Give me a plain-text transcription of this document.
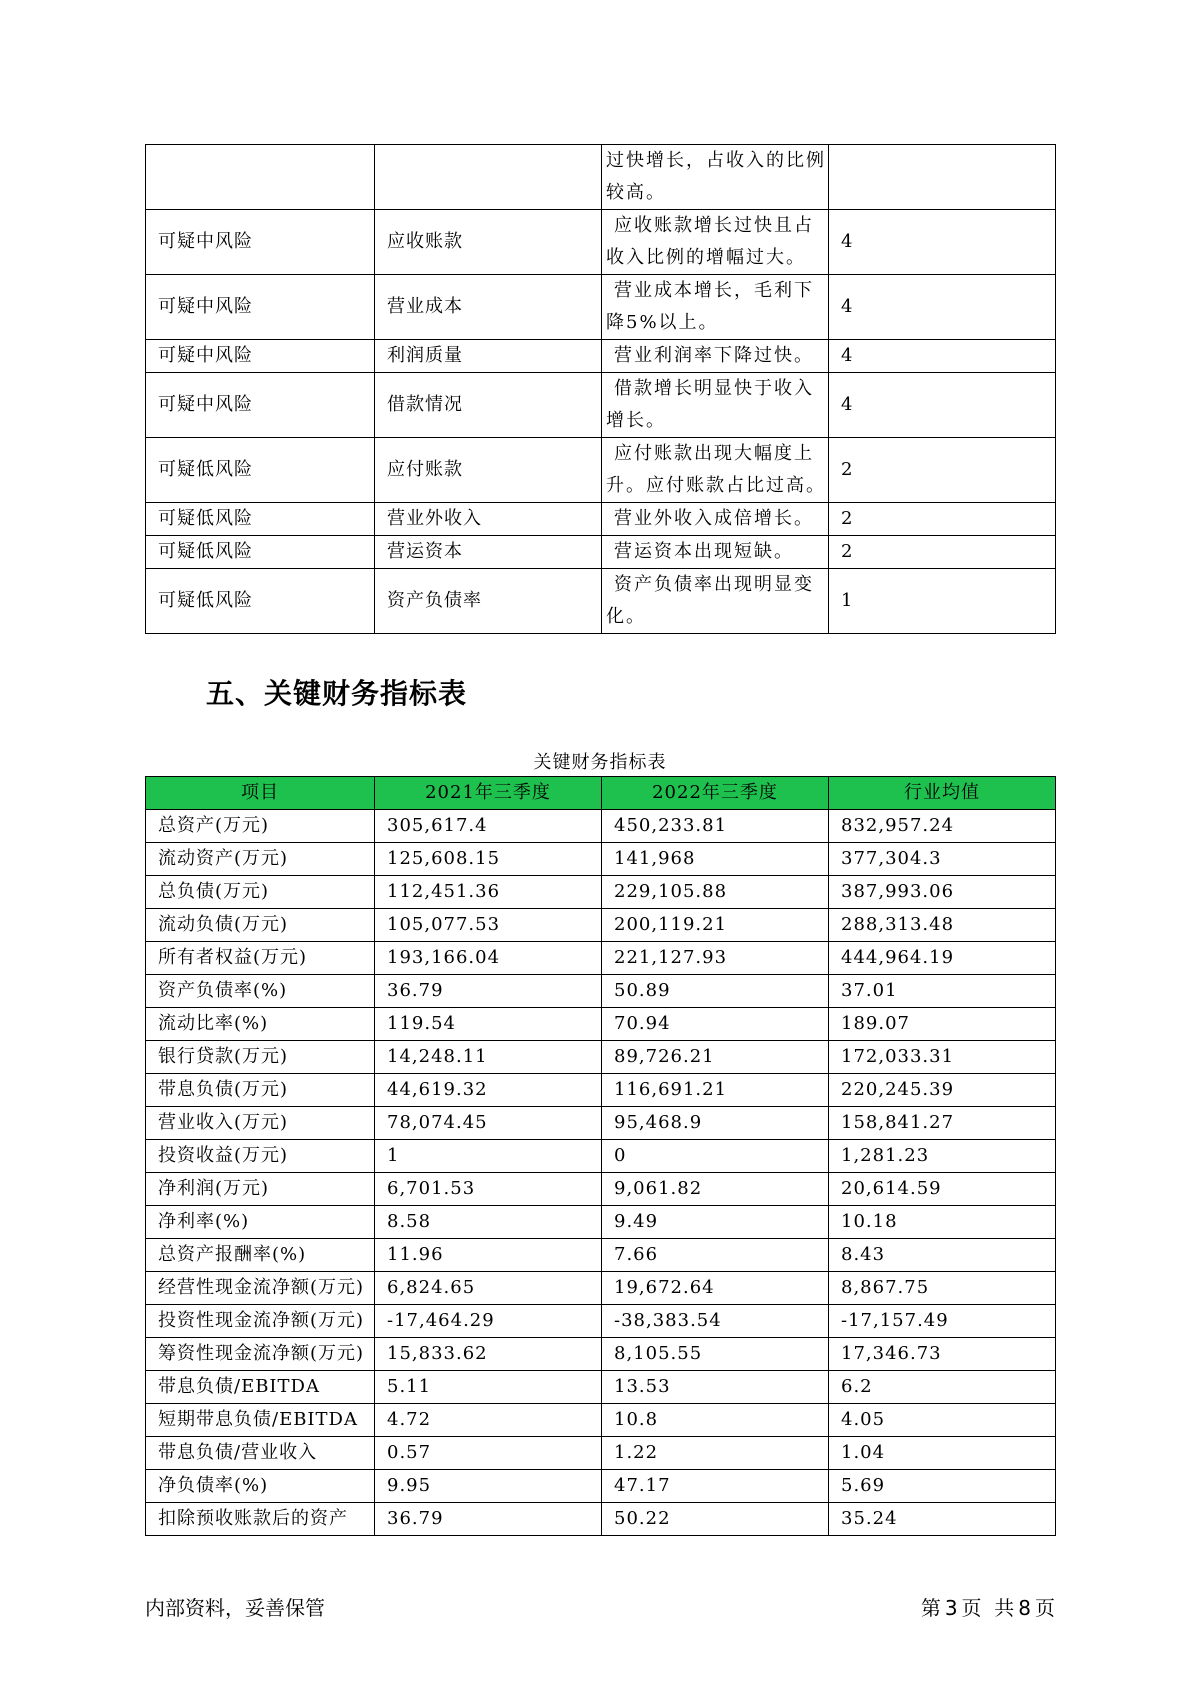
		过快增长，占收入的比例较高。	
可疑中风险	应收账款	应收账款增长过快且占收入比例的增幅过大。	4
可疑中风险	营业成本	营业成本增长，毛利下降5%以上。	4
可疑中风险	利润质量	营业利润率下降过快。	4
可疑中风险	借款情况	借款增长明显快于收入增长。	4
可疑低风险	应付账款	应付账款出现大幅度上升。应付账款占比过高。	2
可疑低风险	营业外收入	营业外收入成倍增长。	2
可疑低风险	营运资本	营运资本出现短缺。	2
可疑低风险	资产负债率	资产负债率出现明显变化。	1
五、关键财务指标表
关键财务指标表
项目	2021年三季度	2022年三季度	行业均值
总资产(万元)	305,617.4	450,233.81	832,957.24
流动资产(万元)	125,608.15	141,968	377,304.3
总负债(万元)	112,451.36	229,105.88	387,993.06
流动负债(万元)	105,077.53	200,119.21	288,313.48
所有者权益(万元)	193,166.04	221,127.93	444,964.19
资产负债率(%)	36.79	50.89	37.01
流动比率(%)	119.54	70.94	189.07
银行贷款(万元)	14,248.11	89,726.21	172,033.31
带息负债(万元)	44,619.32	116,691.21	220,245.39
营业收入(万元)	78,074.45	95,468.9	158,841.27
投资收益(万元)	1	0	1,281.23
净利润(万元)	6,701.53	9,061.82	20,614.59
净利率(%)	8.58	9.49	10.18
总资产报酬率(%)	11.96	7.66	8.43
经营性现金流净额(万元)	6,824.65	19,672.64	8,867.75
投资性现金流净额(万元)	-17,464.29	-38,383.54	-17,157.49
筹资性现金流净额(万元)	15,833.62	8,105.55	17,346.73
带息负债/EBITDA	5.11	13.53	6.2
短期带息负债/EBITDA	4.72	10.8	4.05
带息负债/营业收入	0.57	1.22	1.04
净负债率(%)	9.95	47.17	5.69
扣除预收账款后的资产	36.79	50.22	35.24
内部资料，妥善保管	第 3 页  共 8 页
